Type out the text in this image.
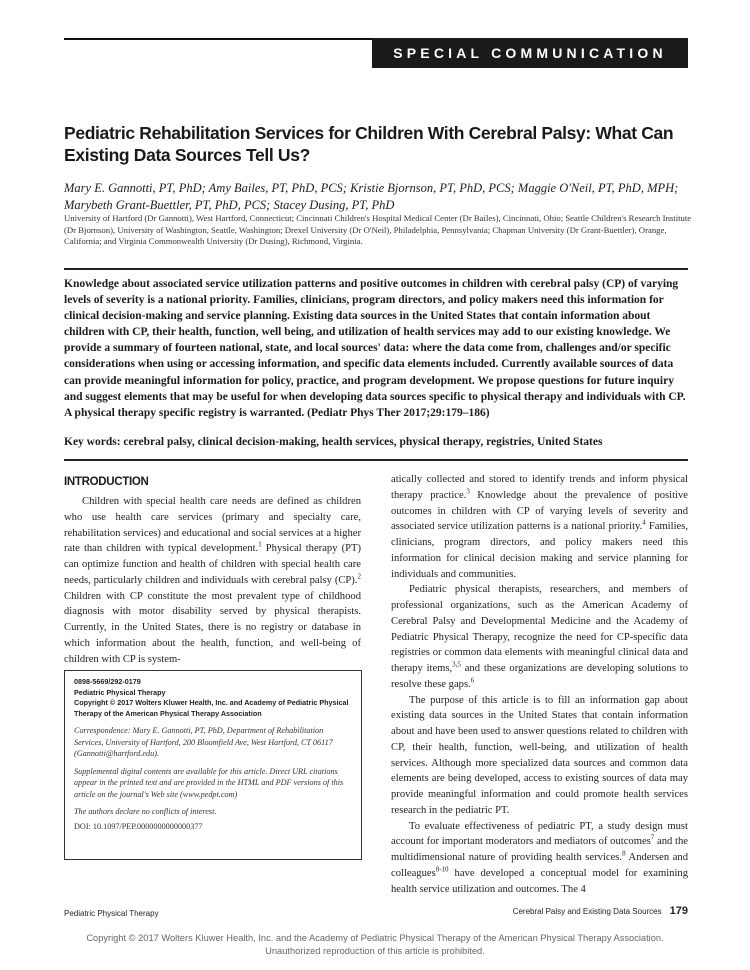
SPECIAL COMMUNICATION
Pediatric Rehabilitation Services for Children With Cerebral Palsy: What Can Existing Data Sources Tell Us?
Mary E. Gannotti, PT, PhD; Amy Bailes, PT, PhD, PCS; Kristie Bjornson, PT, PhD, PCS; Maggie O'Neil, PT, PhD, MPH; Marybeth Grant-Buettler, PT, PhD, PCS; Stacey Dusing, PT, PhD
University of Hartford (Dr Gannotti), West Hartford, Connecticut; Cincinnati Children's Hospital Medical Center (Dr Bailes), Cincinnati, Ohio; Seattle Children's Research Institute (Dr Bjornson), University of Washington, Seattle, Washington; Drexel University (Dr O'Neil), Philadelphia, Pennsylvania; Chapman University (Dr Grant-Buettler), Orange, California; and Virginia Commonwealth University (Dr Dusing), Richmond, Virginia.
Knowledge about associated service utilization patterns and positive outcomes in children with cerebral palsy (CP) of varying levels of severity is a national priority. Families, clinicians, program directors, and policy makers need this information for clinical decision-making and service planning. Existing data sources in the United States that contain information about children with CP, their health, function, well being, and utilization of health services may add to our existing knowledge. We provide a summary of fourteen national, state, and local sources' data: where the data come from, challenges and/or specific considerations when using or accessing information, and specific data elements included. Currently available sources of data can provide meaningful information for policy, practice, and program development. We propose questions for future inquiry and suggest elements that may be useful for when developing data sources specific to physical therapy and individuals with CP. A physical therapy specific registry is warranted. (Pediatr Phys Ther 2017;29:179–186)
Key words: cerebral palsy, clinical decision-making, health services, physical therapy, registries, United States
INTRODUCTION

Children with special health care needs are defined as children who use health care services (primary and specialty care, rehabilitation services) and educational and social services at a higher rate than children with typical development.$^1$ Physical therapy (PT) can optimize function and health of children with special health care needs, particularly children and individuals with cerebral palsy (CP).$^2$ Children with CP constitute the most prevalent type of childhood diagnosis with motor disability served by physical therapists. Currently, in the United States, there is no registry or database in which information about the health, function, and well-being of children with CP is system-

0898-5669/292-0179
Pediatric Physical Therapy
Copyright © 2017 Wolters Kluwer Health, Inc. and Academy of Pediatric Physical Therapy of the American Physical Therapy Association
Correspondence: Mary E. Gannotti, PT, PhD, Department of Rehabilitation Services, University of Hartford, 200 Bloomfield Ave, West Hartford, CT 06117 (Gannotti@hartford.edu).
Supplemental digital contents are available for this article. Direct URL citations appear in the printed text and are provided in the HTML and PDF versions of this article on the journal's Web site (www.pedpt.com)
The authors declare no conflicts of interest.
DOI: 10.1097/PEP.0000000000000377

atically collected and stored to identify trends and inform physical therapy practice.$^3$ Knowledge about the prevalence of positive outcomes in children with CP of varying levels of severity and associated service utilization patterns is a national priority.$^4$ Families, clinicians, program directors, and policy makers need this information for clinical decision making and service planning for individuals and communities.

Pediatric physical therapists, researchers, and members of professional organizations, such as the American Academy of Cerebral Palsy and Developmental Medicine and the Academy of Pediatric Physical Therapy, recognize the need for CP-specific data registries or common data elements with meaningful clinical data and therapy items,$^{3,5}$ and these organizations are developing solutions to resolve these gaps.$^6$

The purpose of this article is to fill an information gap about existing data sources in the United States that contain information about and have been used to answer questions related to children with CP, their health, function, well-being, and utilization of health services. Although more specialized data sources and common data elements are being developed, access to existing sources of data may provide meaningful information and could promote health services research in the pediatric PT.

To evaluate effectiveness of pediatric PT, a study design must account for important moderators and mediators of outcomes$^7$ and the multidimensional nature of providing health services.$^8$ Andersen and colleagues$^{8-10}$ have developed a conceptual model for examining health service utilization and outcomes. The 4

Pediatric Physical Therapy	Cerebral Palsy and Existing Data Sources 179
Copyright © 2017 Wolters Kluwer Health, Inc. and the Academy of Pediatric Physical Therapy of the American Physical Therapy Association.
Unauthorized reproduction of this article is prohibited.
